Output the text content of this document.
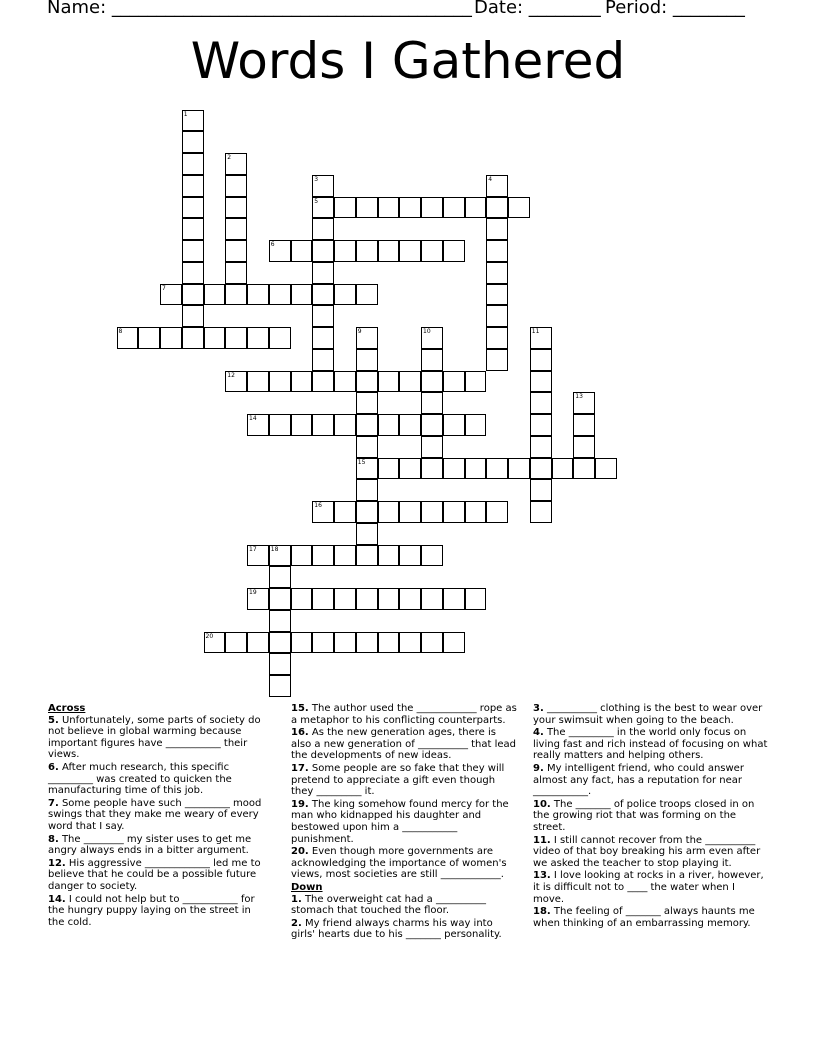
Name: ________________________________________ Date: ________ Period: ________
Words I Gathered
1
2
3	4
5
6
7
8	9	10	11
12
13
14
15
16
17 18
19
20
Across
5. Unfortunately, some parts of society do not believe in global warming because important figures have ___________ their views.
6. After much research, this specific _________ was created to quicken the manufacturing time of this job.
7. Some people have such _________ mood swings that they make me weary of every word that I say.
8. The ________ my sister uses to get me angry always ends in a bitter argument.
12. His aggressive _____________ led me to believe that he could be a possible future danger to society.
14. I could not help but to ___________ for the hungry puppy laying on the street in the cold.
15. The author used the ____________ rope as a metaphor to his conflicting counterparts.
16. As the new generation ages, there is also a new generation of __________ that lead the developments of new ideas.
17. Some people are so fake that they will pretend to appreciate a gift even though they _________ it.
19. The king somehow found mercy for the man who kidnapped his daughter and bestowed upon him a ___________ punishment.
20. Even though more governments are acknowledging the importance of women's views, most societies are still ____________.
Down
1. The overweight cat had a __________ stomach that touched the floor.
2. My friend always charms his way into girls' hearts due to his _______ personality.
3. __________ clothing is the best to wear over your swimsuit when going to the beach.
4. The _________ in the world only focus on living fast and rich instead of focusing on what really matters and helping others.
9. My intelligent friend, who could answer almost any fact, has a reputation for near ___________.
10. The _______ of police troops closed in on the growing riot that was forming on the street.
11. I still cannot recover from the __________ video of that boy breaking his arm even after we asked the teacher to stop playing it.
13. I love looking at rocks in a river, however, it is difficult not to ____ the water when I move.
18. The feeling of _______ always haunts me when thinking of an embarrassing memory.
